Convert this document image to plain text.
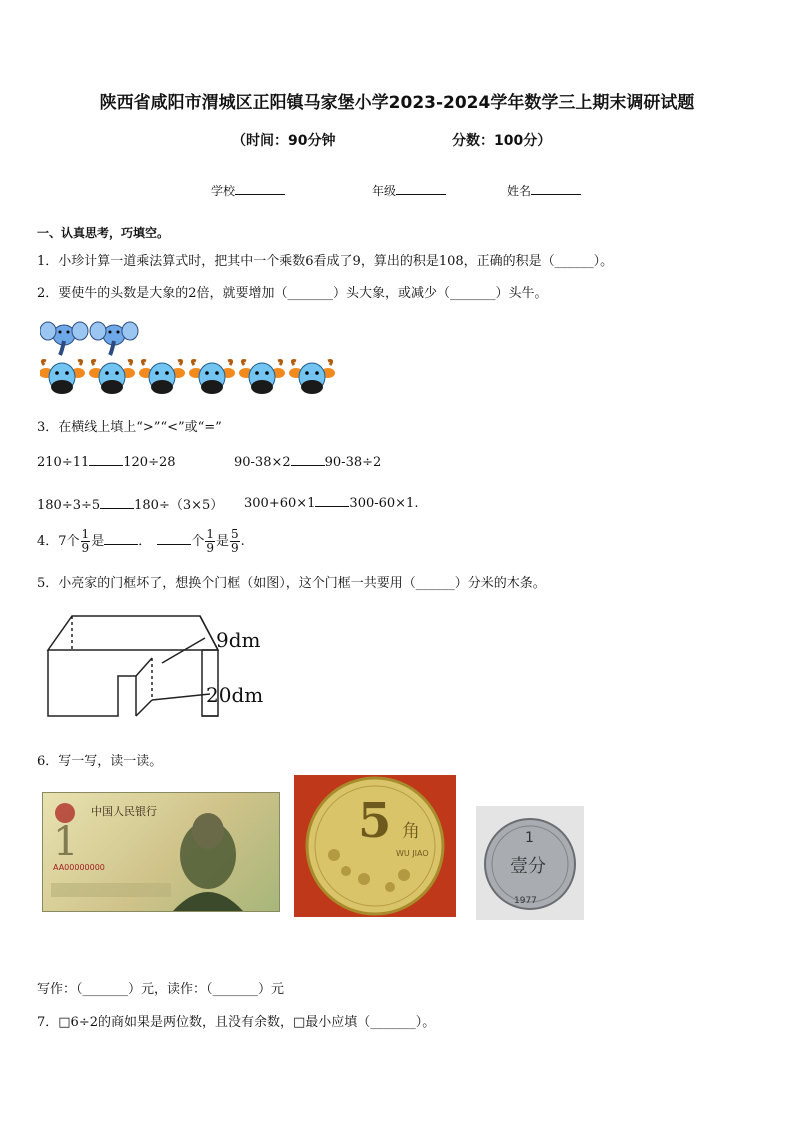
陕西省咸阳市渭城区正阳镇马家堡小学2023-2024学年数学三上期末调研试题
（时间：90分钟	分数：100分）
学校	年级	姓名
一、认真思考，巧填空。
1．小珍计算一道乘法算式时，把其中一个乘数6看成了9，算出的积是108，正确的积是（______）。
2．要使牛的头数是大象的2倍，就要增加（_______）头大象，或减少（_______）头牛。
3．在横线上填上“>”“<”或“=”
210÷11	120÷28	90-38×2	90-38÷2
180÷3÷5	180÷（3×5） 300+60×1	300-60×1.
4．7个 $\frac{1}{9}$ 是	．	个 $\frac{1}{9}$ 是 $\frac{5}{9}$ .
5．小亮家的门框坏了，想换个门框（如图），这个门框一共要用（______）分米的木条。
9dm
20dm
6．写一写，读一读。
1
中国人民银行
AA00000000
5 角
WU JIAO
1
壹分
1977
写作：（_______）元，读作：（_______）元
7．□6÷2的商如果是两位数，且没有余数，□最小应填（_______）。
